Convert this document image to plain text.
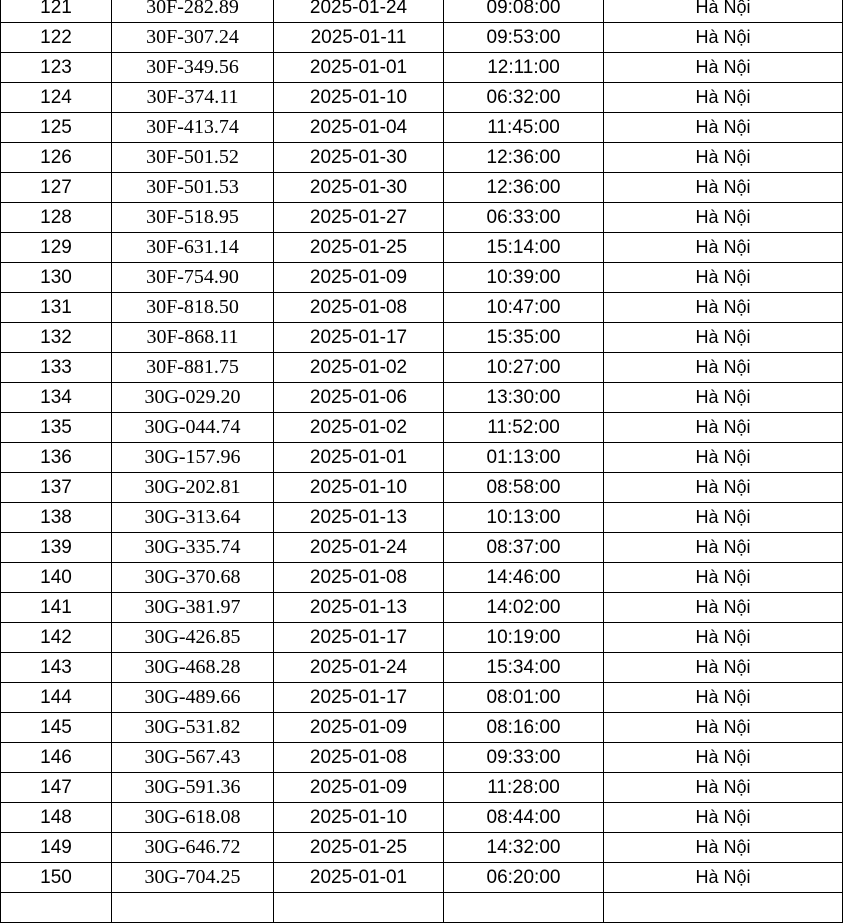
121	30F-282.89	2025-01-24	09:08:00	Hà Nội
122	30F-307.24	2025-01-11	09:53:00	Hà Nội
123	30F-349.56	2025-01-01	12:11:00	Hà Nội
124	30F-374.11	2025-01-10	06:32:00	Hà Nội
125	30F-413.74	2025-01-04	11:45:00	Hà Nội
126	30F-501.52	2025-01-30	12:36:00	Hà Nội
127	30F-501.53	2025-01-30	12:36:00	Hà Nội
128	30F-518.95	2025-01-27	06:33:00	Hà Nội
129	30F-631.14	2025-01-25	15:14:00	Hà Nội
130	30F-754.90	2025-01-09	10:39:00	Hà Nội
131	30F-818.50	2025-01-08	10:47:00	Hà Nội
132	30F-868.11	2025-01-17	15:35:00	Hà Nội
133	30F-881.75	2025-01-02	10:27:00	Hà Nội
134	30G-029.20	2025-01-06	13:30:00	Hà Nội
135	30G-044.74	2025-01-02	11:52:00	Hà Nội
136	30G-157.96	2025-01-01	01:13:00	Hà Nội
137	30G-202.81	2025-01-10	08:58:00	Hà Nội
138	30G-313.64	2025-01-13	10:13:00	Hà Nội
139	30G-335.74	2025-01-24	08:37:00	Hà Nội
140	30G-370.68	2025-01-08	14:46:00	Hà Nội
141	30G-381.97	2025-01-13	14:02:00	Hà Nội
142	30G-426.85	2025-01-17	10:19:00	Hà Nội
143	30G-468.28	2025-01-24	15:34:00	Hà Nội
144	30G-489.66	2025-01-17	08:01:00	Hà Nội
145	30G-531.82	2025-01-09	08:16:00	Hà Nội
146	30G-567.43	2025-01-08	09:33:00	Hà Nội
147	30G-591.36	2025-01-09	11:28:00	Hà Nội
148	30G-618.08	2025-01-10	08:44:00	Hà Nội
149	30G-646.72	2025-01-25	14:32:00	Hà Nội
150	30G-704.25	2025-01-01	06:20:00	Hà Nội
